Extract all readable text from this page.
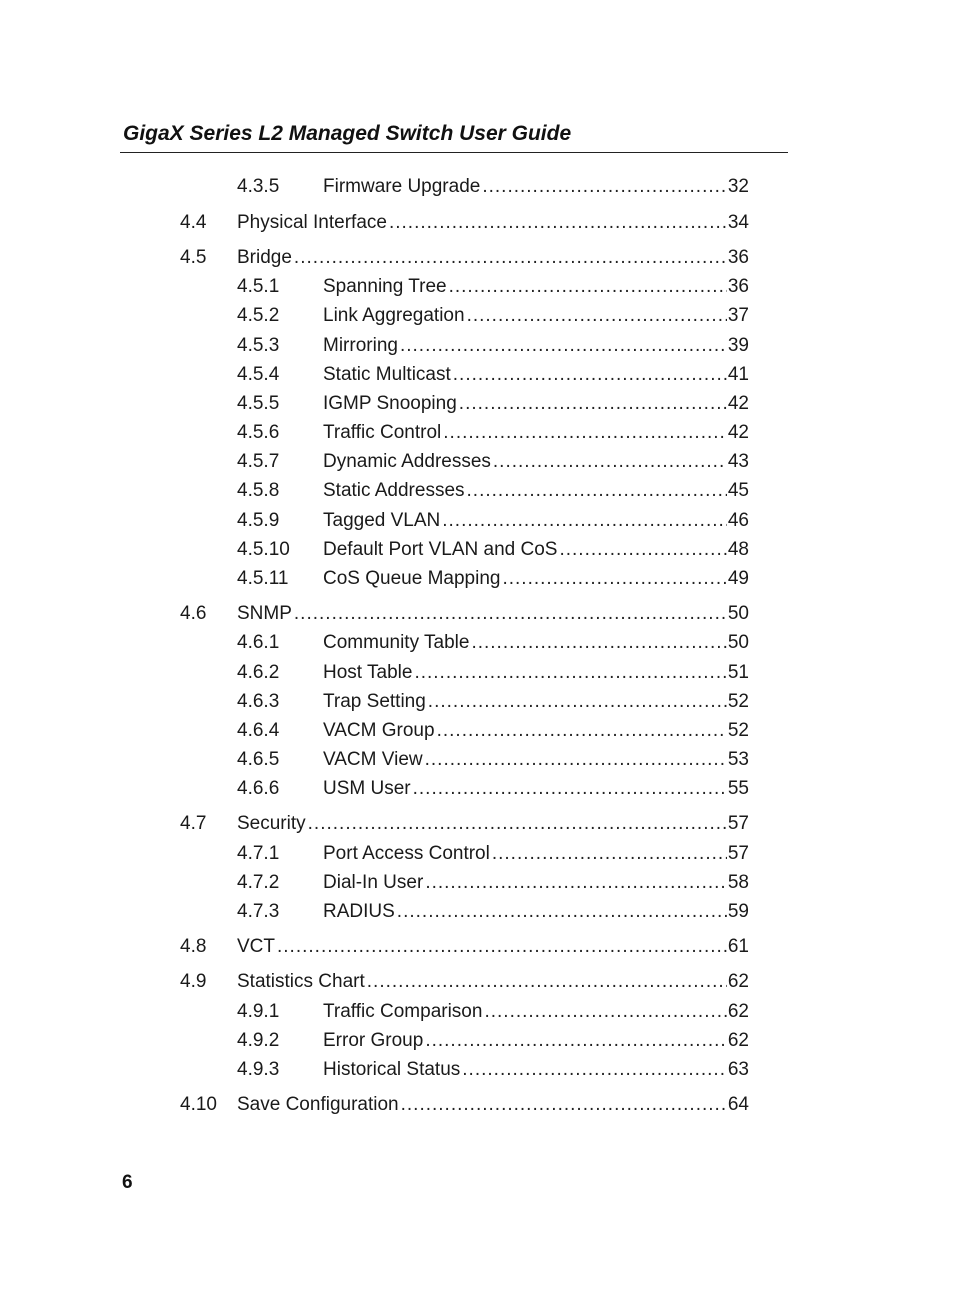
GigaX Series L2 Managed Switch User Guide
4.3.5 Firmware Upgrade .....	32
4.4 Physical Interface .....	34
4.5 Bridge .....	36
4.5.1 Spanning Tree .....	36
4.5.2 Link Aggregation .....	37
4.5.3 Mirroring .....	39
4.5.4 Static Multicast .....	41
4.5.5 IGMP Snooping .....	42
4.5.6 Traffic Control .....	42
4.5.7 Dynamic Addresses .....	43
4.5.8 Static Addresses .....	45
4.5.9 Tagged VLAN .....	46
4.5.10 Default Port VLAN and CoS .....	48
4.5.11 CoS Queue Mapping .....	49
4.6 SNMP .....	50
4.6.1 Community Table .....	50
4.6.2 Host Table .....	51
4.6.3 Trap Setting .....	52
4.6.4 VACM Group .....	52
4.6.5 VACM View .....	53
4.6.6 USM User .....	55
4.7 Security .....	57
4.7.1 Port Access Control .....	57
4.7.2 Dial-In User .....	58
4.7.3 RADIUS .....	59
4.8 VCT .....	61
4.9 Statistics Chart .....	62
4.9.1 Traffic Comparison .....	62
4.9.2 Error Group .....	62
4.9.3 Historical Status .....	63
4.10 Save Configuration .....	64
6
